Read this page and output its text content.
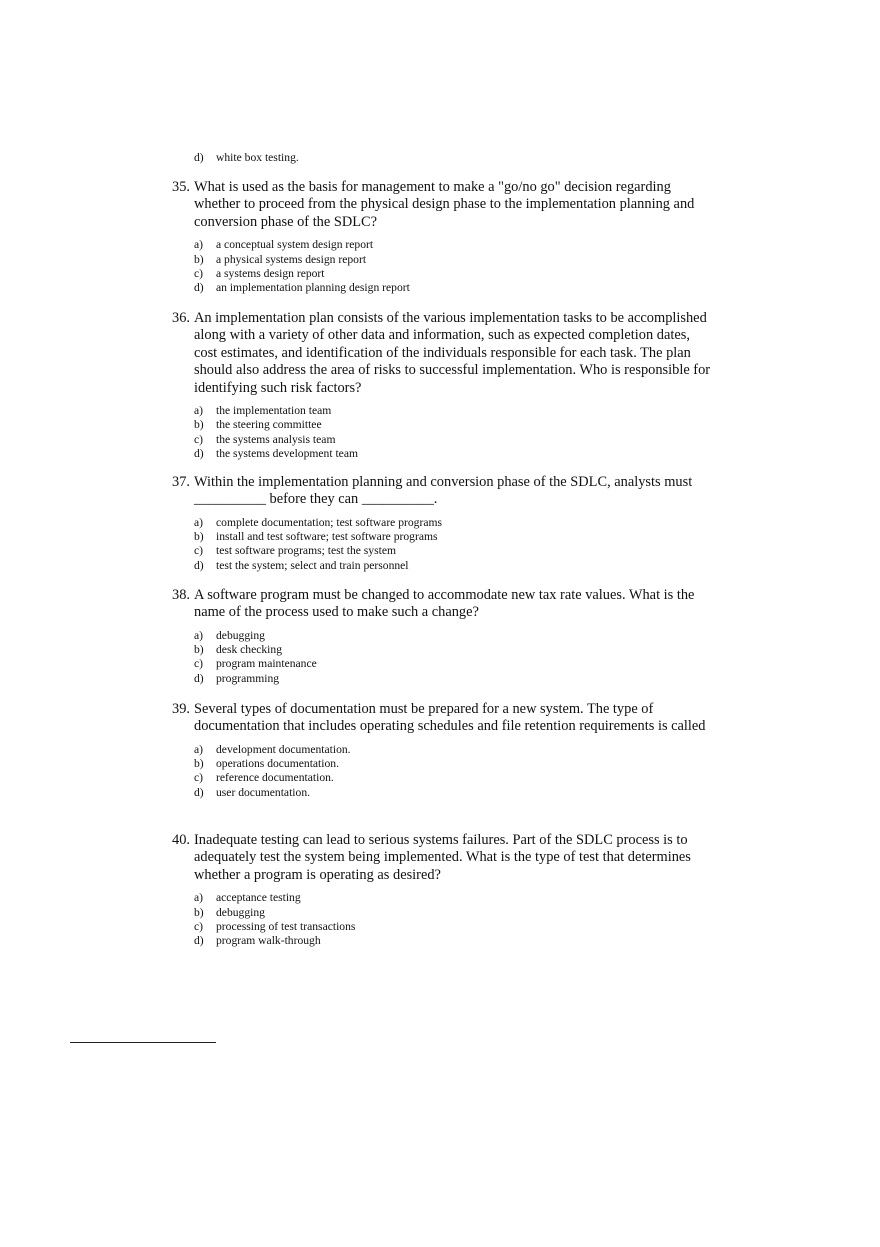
d) white box testing.
35. What is used as the basis for management to make a "go/no go" decision regarding whether to proceed from the physical design phase to the implementation planning and conversion phase of the SDLC?
a) a conceptual system design report
b) a physical systems design report
c) a systems design report
d) an implementation planning design report
36. An implementation plan consists of the various implementation tasks to be accomplished along with a variety of other data and information, such as expected completion dates, cost estimates, and identification of the individuals responsible for each task. The plan should also address the area of risks to successful implementation. Who is responsible for identifying such risk factors?
a) the implementation team
b) the steering committee
c) the systems analysis team
d) the systems development team
37. Within the implementation planning and conversion phase of the SDLC, analysts must __________ before they can __________.
a) complete documentation; test software programs
b) install and test software; test software programs
c) test software programs; test the system
d) test the system; select and train personnel
38. A software program must be changed to accommodate new tax rate values. What is the name of the process used to make such a change?
a) debugging
b) desk checking
c) program maintenance
d) programming
39. Several types of documentation must be prepared for a new system. The type of documentation that includes operating schedules and file retention requirements is called
a) development documentation.
b) operations documentation.
c) reference documentation.
d) user documentation.
40. Inadequate testing can lead to serious systems failures. Part of the SDLC process is to adequately test the system being implemented. What is the type of test that determines whether a program is operating as desired?
a) acceptance testing
b) debugging
c) processing of test transactions
d) program walk-through
